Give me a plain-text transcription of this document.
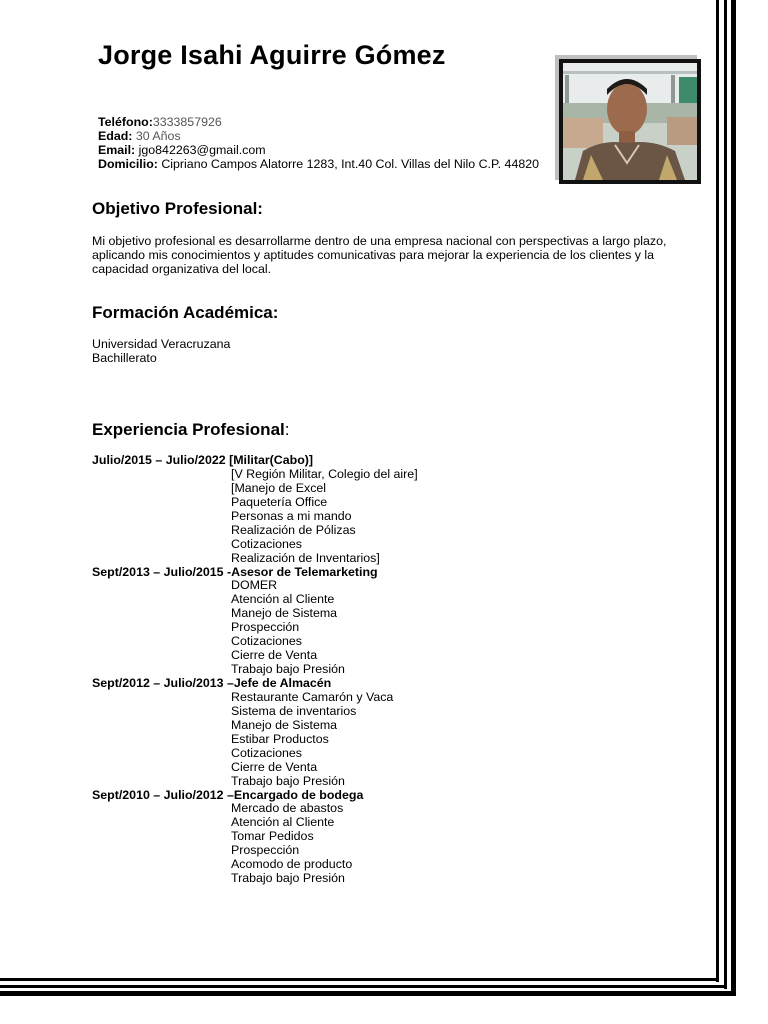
Jorge Isahi Aguirre Gómez
Teléfono:3333857926
Edad: 30 Años
Email: jgo842263@gmail.com
Domicilio: Cipriano Campos Alatorre 1283, Int.40 Col. Villas del Nilo C.P. 44820
Objetivo Profesional:

Mi objetivo profesional es desarrollarme dentro de una empresa nacional con perspectivas a largo plazo, aplicando mis conocimientos y aptitudes comunicativas para mejorar la experiencia de los clientes y la capacidad organizativa del local.

Formación Académica:
Universidad Veracruzana
Bachillerato
Experiencia Profesional:
Julio/2015 – Julio/2022 [Militar(Cabo)]
[V Región Militar, Colegio del aire]
[Manejo de Excel
Paquetería Office
Personas a mi mando
Realización de Pólizas
Cotizaciones
Realización de Inventarios]
Sept/2013 – Julio/2015 -Asesor de Telemarketing
DOMER
Atención al Cliente
Manejo de Sistema
Prospección
Cotizaciones
Cierre de Venta
Trabajo bajo Presión
Sept/2012 – Julio/2013 –Jefe de Almacén
Restaurante Camarón y Vaca
Sistema de inventarios
Manejo de Sistema
Estibar Productos
Cotizaciones
Cierre de Venta
Trabajo bajo Presión
Sept/2010 – Julio/2012 –Encargado de bodega
Mercado de abastos
Atención al Cliente
Tomar Pedidos
Prospección
Acomodo de producto
Trabajo bajo Presión
